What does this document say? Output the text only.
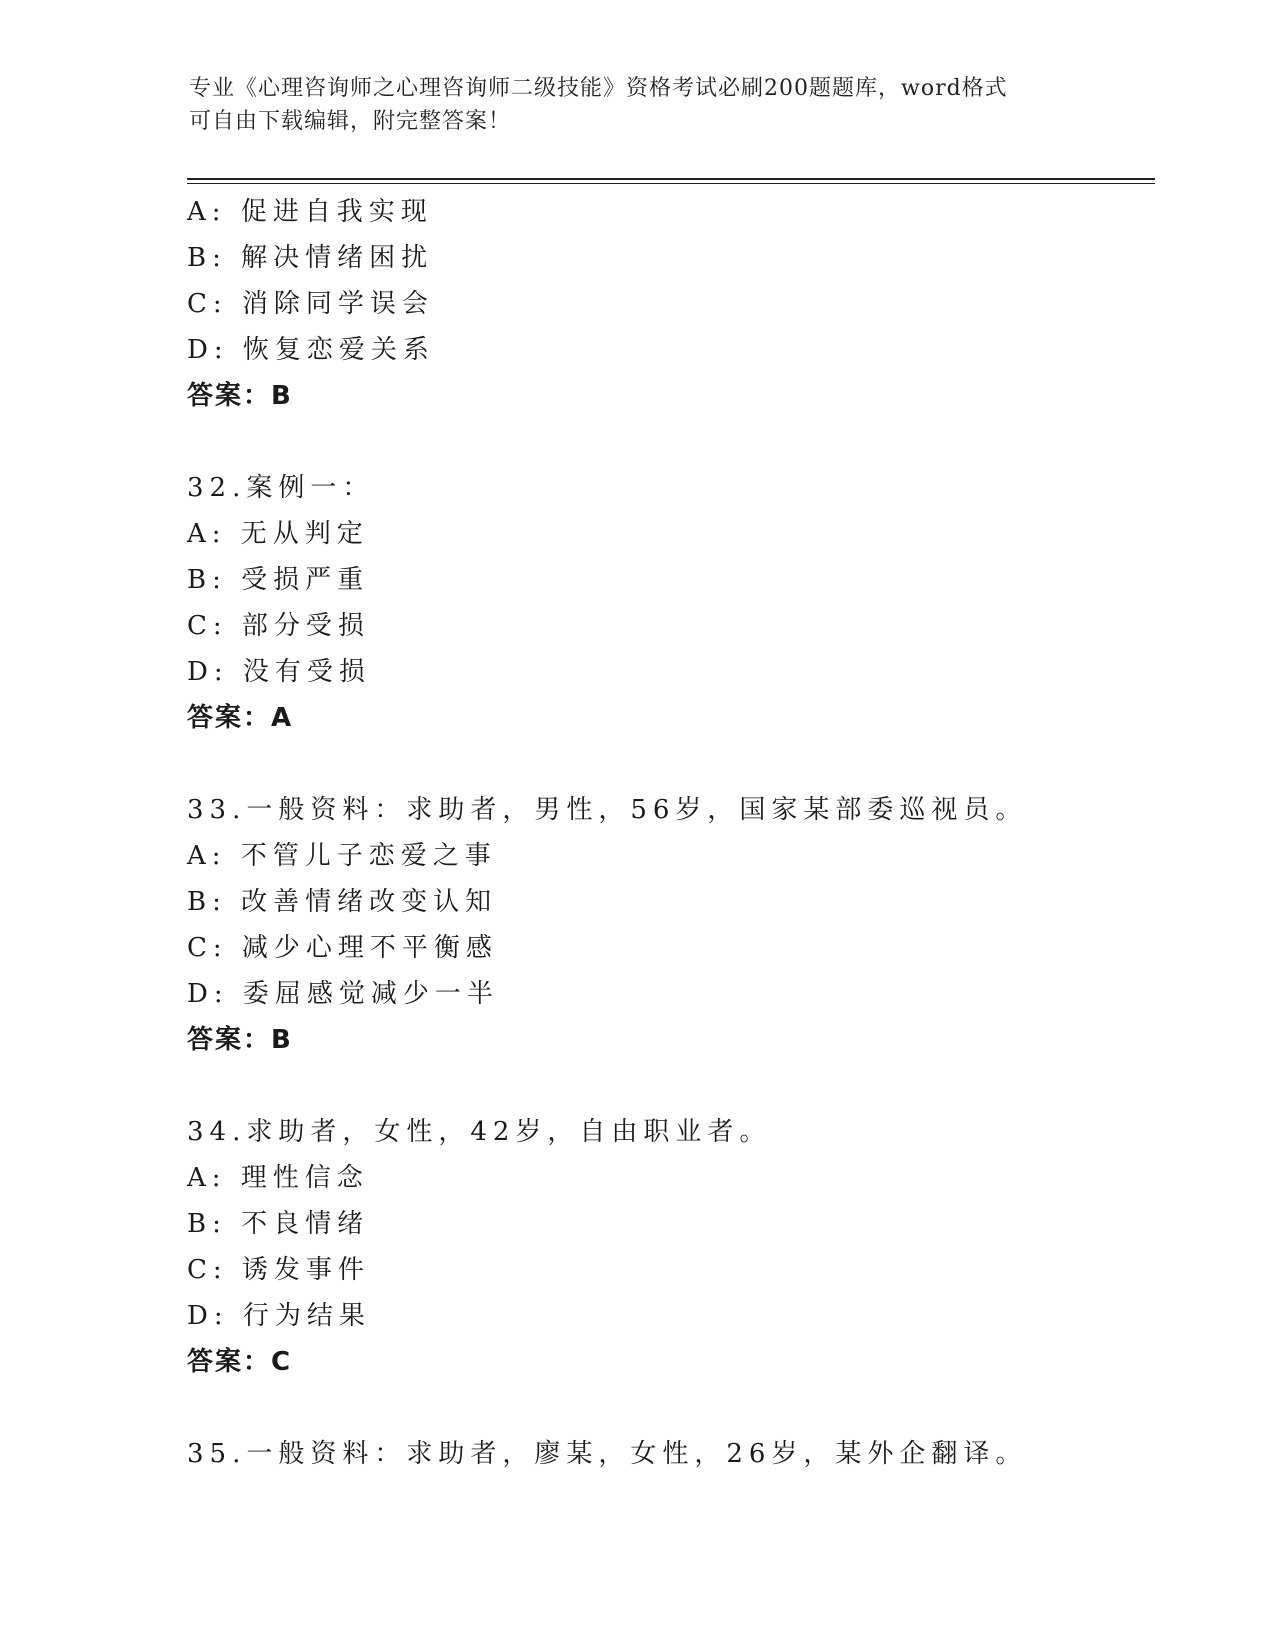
专业《心理咨询师之心理咨询师二级技能》资格考试必刷200题题库，word格式
可自由下载编辑，附完整答案！
A: 促进自我实现
B: 解决情绪困扰
C: 消除同学误会
D: 恢复恋爱关系
答案：B
32.案例一：
A: 无从判定
B: 受损严重
C: 部分受损
D: 没有受损
答案：A
33.一般资料：求助者，男性，56岁，国家某部委巡视员。
A: 不管儿子恋爱之事
B: 改善情绪改变认知
C: 减少心理不平衡感
D: 委屈感觉减少一半
答案：B
34.求助者，女性，42岁，自由职业者。
A: 理性信念
B: 不良情绪
C: 诱发事件
D: 行为结果
答案：C
35.一般资料：求助者，廖某，女性，26岁，某外企翻译。
